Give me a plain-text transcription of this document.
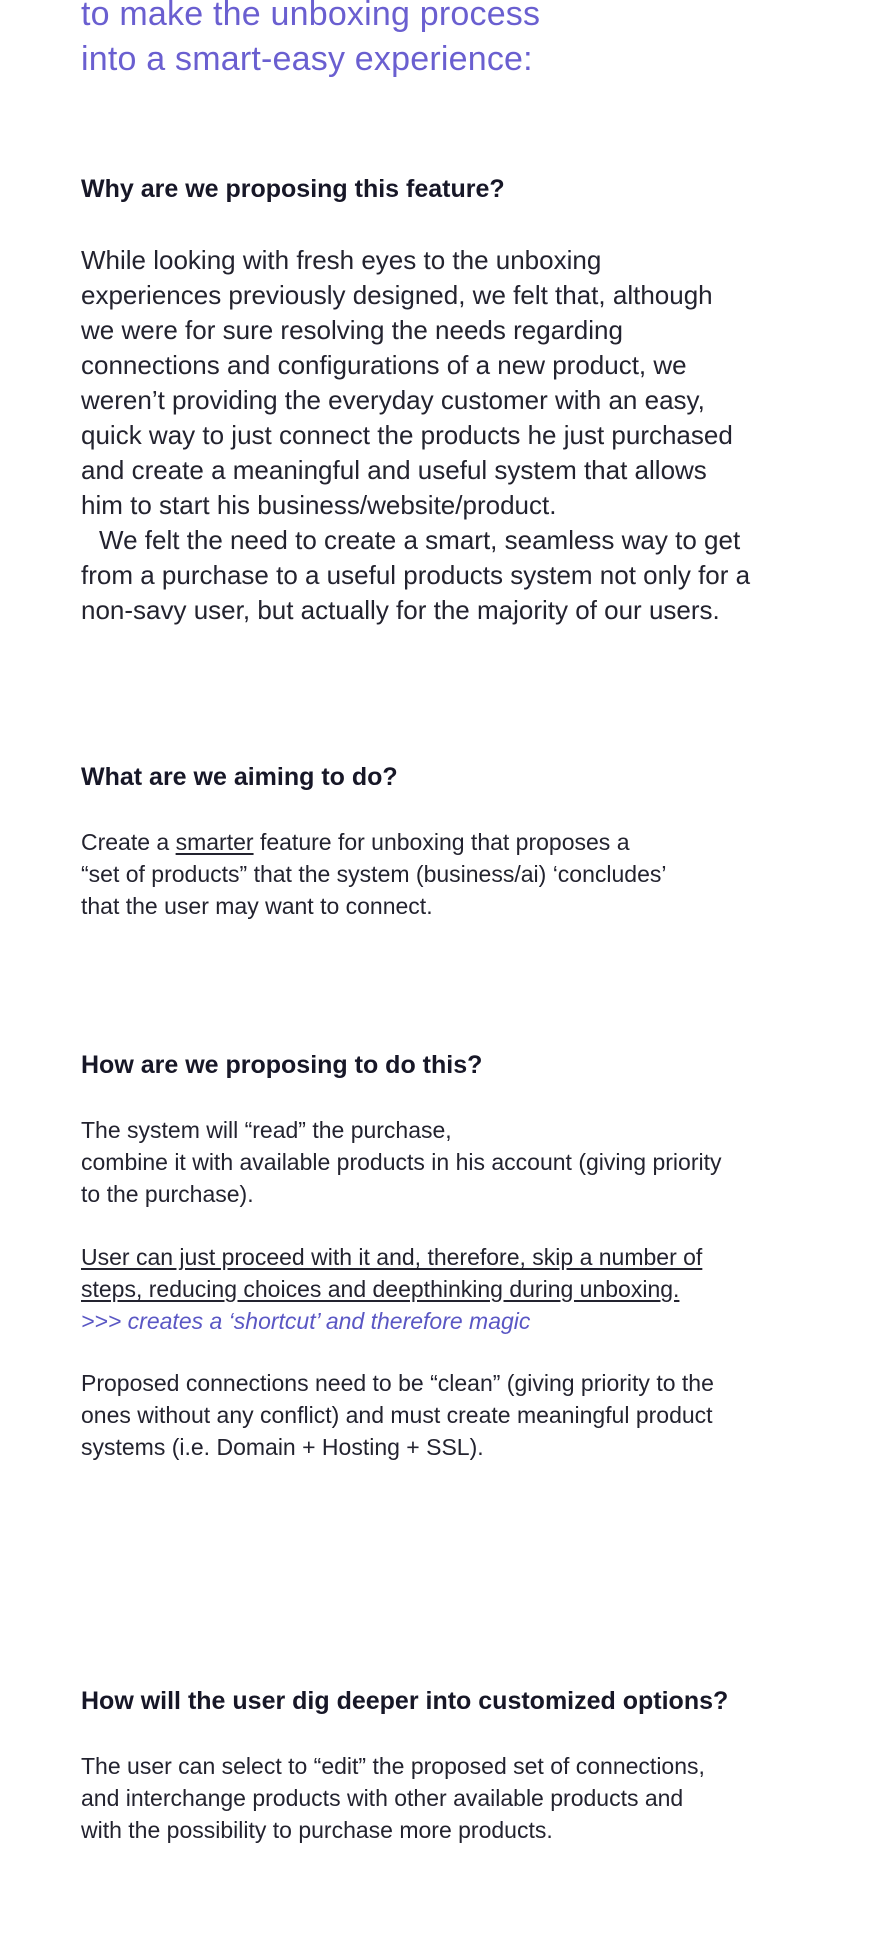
to make the unboxing process
into a smart-easy experience:
Why are we proposing this feature?

While looking with fresh eyes to the unboxing
experiences previously designed, we felt that, although
we were for sure resolving the needs regarding
connections and configurations of a new product, we
weren’t providing the everyday customer with an easy,
quick way to just connect the products he just purchased
and create a meaningful and useful system that allows
him to start his business/website/product.
We felt the need to create a smart, seamless way to get
from a purchase to a useful products system not only for a
non-savy user, but actually for the majority of our users.

What are we aiming to do?

Create a smarter feature for unboxing that proposes a
“set of products” that the system (business/ai) ‘concludes’
that the user may want to connect.

How are we proposing to do this?

The system will “read” the purchase,
combine it with available products in his account (giving priority
to the purchase).

User can just proceed with it and, therefore, skip a number of
steps, reducing choices and deepthinking during unboxing.
>>> creates a ‘shortcut’ and therefore magic

Proposed connections need to be “clean” (giving priority to the
ones without any conflict) and must create meaningful product
systems (i.e. Domain + Hosting + SSL).

How will the user dig deeper into customized options?

The user can select to “edit” the proposed set of connections,
and interchange products with other available products and
with the possibility to purchase more products.
